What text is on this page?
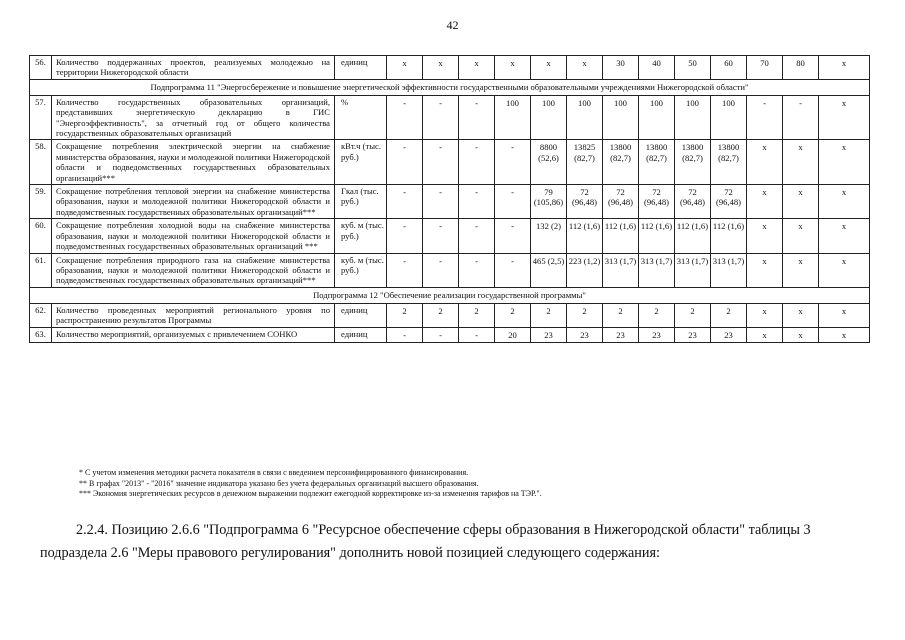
42
56.	Количество поддержанных проектов, реализуемых молодежью на территории Нижегородской области	единиц	х	х	х	х	х	х	30	40	50	60	70	80	х
Подпрограмма 11 "Энергосбережение и повышение энергетической эффективности государственными образовательными учреждениями Нижегородской области"															
57.	Количество государственных образовательных организаций, представивших энергетическую декларацию в ГИС "Энергоэффективность", за отчетный год от общего количества государственных образовательных организаций	%	-	-	-	100	100	100	100	100	100	100	-	-	х
58.	Сокращение потребления электрической энергии на снабжение министерства образования, науки и молодежной политики Нижегородской области и подведомственных государственных образовательных организаций***	кВт.ч (тыс. руб.)	-	-	-	-	8800 (52,6)	13825 (82,7)	13800 (82,7)	13800 (82,7)	13800 (82,7)	13800 (82,7)	х	х	х
59.	Сокращение потребления тепловой энергии на снабжение министерства образования, науки и молодежной политики Нижегородской области и подведомственных государственных образовательных организаций***	Гкал (тыс. руб.)	-	-	-	-	79 (105,86)	72 (96,48)	72 (96,48)	72 (96,48)	72 (96,48)	72 (96,48)	х	х	х
60.	Сокращение потребления холодной воды на снабжение министерства образования, науки и молодежной политики Нижегородской области и подведомственных государственных образовательных организаций ***	куб. м (тыс. руб.)	-	-	-	-	132 (2)	112 (1,6)	112 (1,6)	112 (1,6)	112 (1,6)	112 (1,6)	х	х	х
61.	Сокращение потребления природного газа на снабжение министерства образования, науки и молодежной политики Нижегородской области и подведомственных государственных образовательных организаций***	куб. м (тыс. руб.)	-	-	-	-	465 (2,5)	223 (1,2)	313 (1,7)	313 (1,7)	313 (1,7)	313 (1,7)	х	х	х
Подпрограмма 12 "Обеспечение реализации государственной программы"															
62.	Количество проведенных мероприятий регионального уровня по распространению результатов Программы	единиц	2	2	2	2	2	2	2	2	2	2	х	х	х
63.	Количество мероприятий, организуемых с привлечением СОНКО	единиц	-	-	-	20	23	23	23	23	23	23	х	х	х
* С учетом изменения методики расчета показателя в связи с введением персонифицированного финансирования.
** В графах "2013" - "2016" значение индикатора указано без учета федеральных организаций высшего образования.
*** Экономия энергетических ресурсов в денежном выражении подлежит ежегодной корректировке из-за изменения тарифов на ТЭР.".
2.2.4. Позицию 2.6.6 "Подпрограмма 6 "Ресурсное обеспечение сферы образования в Нижегородской области" таблицы 3 подраздела 2.6 "Меры правового регулирования" дополнить новой позицией следующего содержания:
